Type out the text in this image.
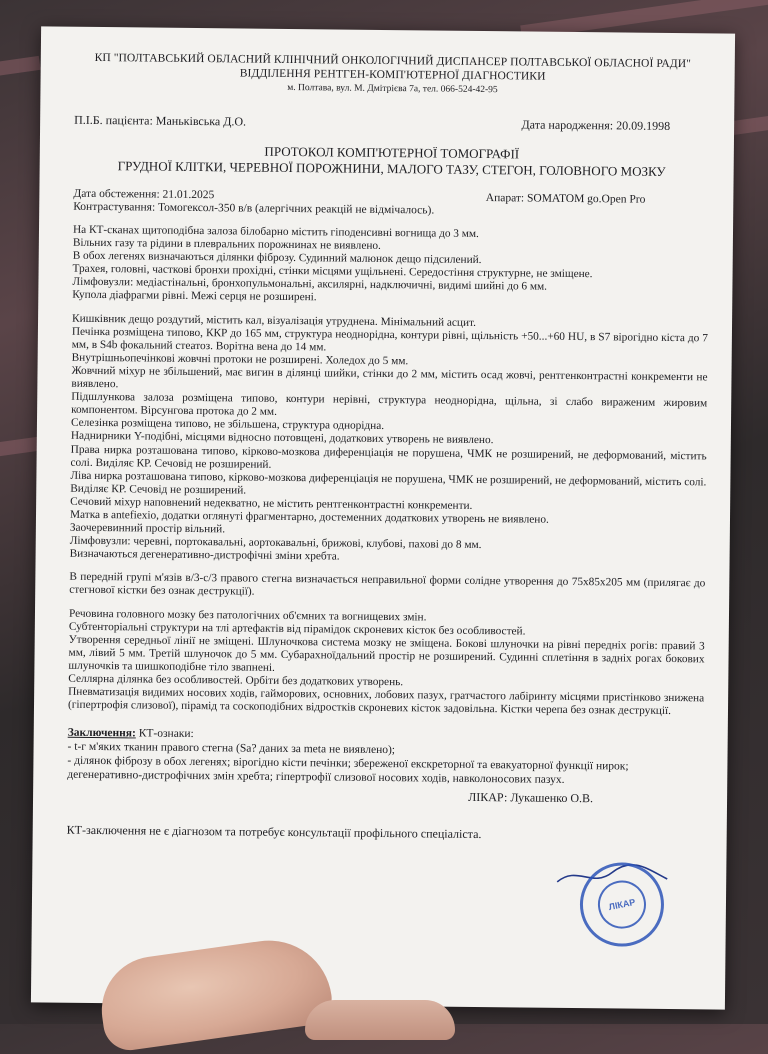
КП "ПОЛТАВСЬКИЙ ОБЛАСНИЙ КЛІНІЧНИЙ ОНКОЛОГІЧНИЙ ДИСПАНСЕР ПОЛТАВСЬКОЇ ОБЛАСНОЇ РАДИ"
ВІДДІЛЕННЯ РЕНТГЕН-КОМП'ЮТЕРНОЇ ДІАГНОСТИКИ
м. Полтава, вул. М. Дмітрієва 7а, тел. 066-524-42-95
П.І.Б. пацієнта: Маньківська Д.О.	Дата народження: 20.09.1998
ПРОТОКОЛ КОМП'ЮТЕРНОЇ ТОМОГРАФІЇ
ГРУДНОЇ КЛІТКИ, ЧЕРЕВНОЇ ПОРОЖНИНИ, МАЛОГО ТАЗУ, СТЕГОН, ГОЛОВНОГО МОЗКУ
Дата обстеження: 21.01.2025	Апарат: SOMATOM go.Open Pro
Контрастування: Томогексол-350 в/в (алергічних реакцій не відмічалось).

На КТ-сканах щитоподібна залоза білобарно містить гіподенсивні вогнища до 3 мм.

Вільних газу та рідини в плевральних порожнинах не виявлено.

В обох легенях визначаються ділянки фіброзу. Судинний малюнок дещо підсилений.

Трахея, головні, часткові бронхи прохідні, стінки місцями ущільнені. Середостіння структурне, не зміщене.

Лімфовузли: медіастінальні, бронхопульмональні, аксилярні, надключичні, видимі шийні до 6 мм.

Купола діафрагми рівні. Межі серця не розширені.

Кишківник дещо роздутий, містить кал, візуалізація утруднена. Мінімальний асцит.

Печінка розміщена типово, ККР до 165 мм, структура неоднорідна, контури рівні, щільність +50...+60 HU, в S7 вірогідно кіста до 7 мм, в S4b фокальний стеатоз. Ворітна вена до 14 мм.

Внутрішньопечінкові жовчні протоки не розширені. Холедох до 5 мм.

Жовчний міхур не збільшений, має вигин в ділянці шийки, стінки до 2 мм, містить осад жовчі, рентгенконтрастні конкременти не виявлено.

Підшлункова залоза розміщена типово, контури нерівні, структура неоднорідна, щільна, зі слабо вираженим жировим компонентом. Вірсунгова протока до 2 мм.

Селезінка розміщена типово, не збільшена, структура однорідна.

Наднирники Y-подібні, місцями відносно потовщені, додаткових утворень не виявлено.

Права нирка розташована типово, кірково-мозкова диференціація не порушена, ЧМК не розширений, не деформований, містить солі. Виділяє КР. Сечовід не розширений.

Ліва нирка розташована типово, кірково-мозкова диференціація не порушена, ЧМК не розширений, не деформований, містить солі. Виділяє КР. Сечовід не розширений.

Сечовий міхур наповнений недекватно, не містить рентгенконтрастні конкременти.

Матка в antefiexio, додатки оглянуті фрагментарно, достеменних додаткових утворень не виявлено.

Заочеревинний простір вільний.

Лімфовузли: черевні, портокавальні, аортокавальні, брижові, клубові, пахові до 8 мм.

Визначаються дегенеративно-дистрофічні зміни хребта.

В передній групі м'язів в/3-с/3 правого стегна визначається неправильної форми солідне утворення до 75x85x205 мм (прилягає до стегнової кістки без ознак деструкції).

Речовина головного мозку без патологічних об'ємних та вогнищевих змін.

Субтенторіальні структури на тлі артефактів від пірамідок скроневих кісток без особливостей.

Утворення середньої лінії не зміщені. Шлуночкова система мозку не зміщена. Бокові шлуночки на рівні передніх рогів: правий 3 мм, лівий 5 мм. Третій шлуночок до 5 мм. Субарахноїдальний простір не розширений. Судинні сплетіння в задніх рогах бокових шлуночків та шишкоподібне тіло звапнені.

Селлярна ділянка без особливостей. Орбіти без додаткових утворень.

Пневматизація видимих носових ходів, гайморових, основних, лобових пазух, гратчастого лабіринту місцями пристінково знижена (гіпертрофія слизової), пірамід та соскоподібних відростків скроневих кісток задовільна. Кістки черепа без ознак деструкції.

Заключення: КТ-ознаки:

- t-г м'яких тканин правого стегна (Sa? даних за meta не виявлено);

- ділянок фіброзу в обох легенях; вірогідно кісти печінки; збереженої екскреторної та евакуаторної функції нирок; дегенеративно-дистрофічних змін хребта; гіпертрофії слизової носових ходів, навколоносових пазух.

ЛІКАР: Лукашенко О.В.
КТ-заключення не є діагнозом та потребує консультації профільного спеціаліста.
ЛІКАР
